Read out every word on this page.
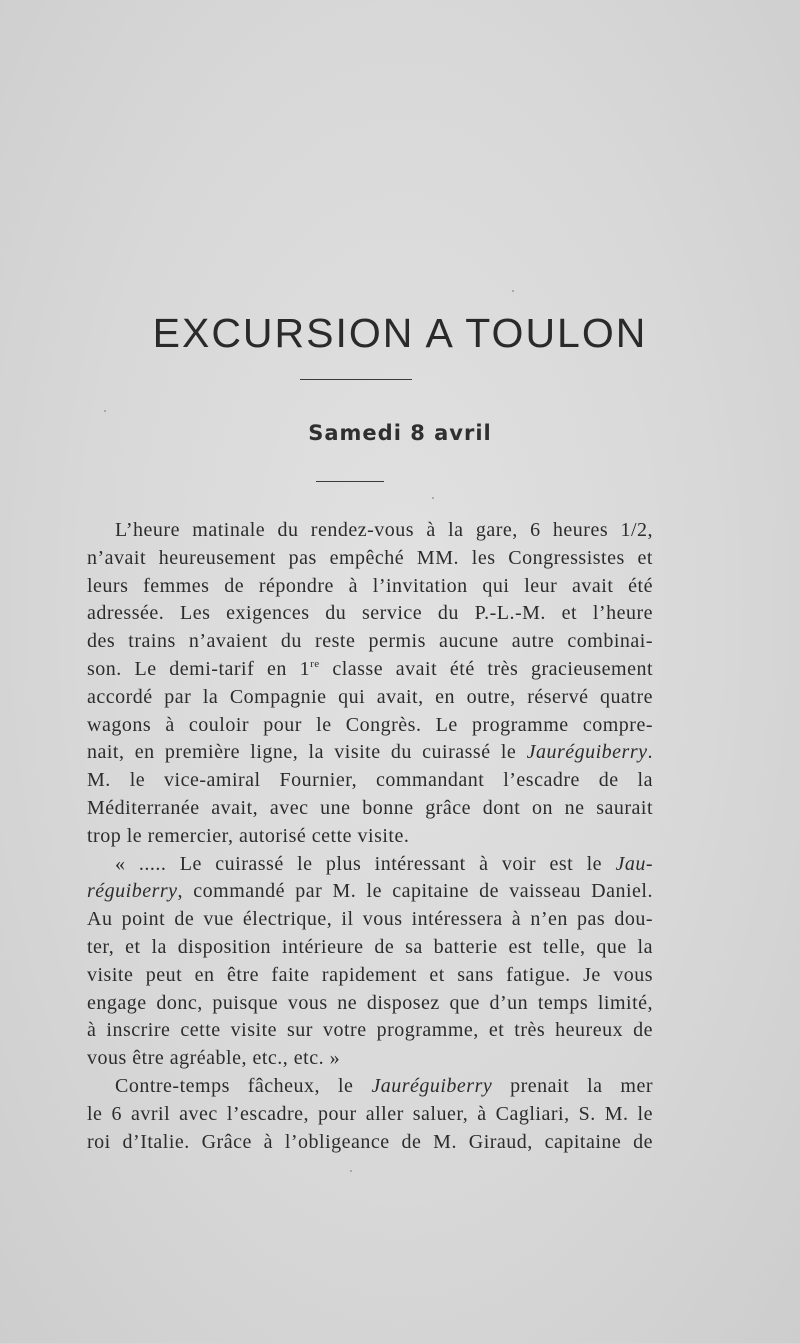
EXCURSION A TOULON
Samedi 8 avril
L’heure matinale du rendez-vous à la gare, 6 heures 1/2,
n’avait heureusement pas empêché MM. les Congressistes et
leurs femmes de répondre à l’invitation qui leur avait été
adressée. Les exigences du service du P.-L.-M. et l’heure
des trains n’avaient du reste permis aucune autre combinai-
son. Le demi-tarif en 1re classe avait été très gracieusement
accordé par la Compagnie qui avait, en outre, réservé quatre
wagons à couloir pour le Congrès. Le programme compre-
nait, en première ligne, la visite du cuirassé le Jauréguiberry.
M. le vice-amiral Fournier, commandant l’escadre de la
Méditerranée avait, avec une bonne grâce dont on ne saurait
trop le remercier, autorisé cette visite.
« ..... Le cuirassé le plus intéressant à voir est le Jau-
réguiberry, commandé par M. le capitaine de vaisseau Daniel.
Au point de vue électrique, il vous intéressera à n’en pas dou-
ter, et la disposition intérieure de sa batterie est telle, que la
visite peut en être faite rapidement et sans fatigue. Je vous
engage donc, puisque vous ne disposez que d’un temps limité,
à inscrire cette visite sur votre programme, et très heureux de
vous être agréable, etc., etc. »
Contre-temps fâcheux, le Jauréguiberry prenait la mer
le 6 avril avec l’escadre, pour aller saluer, à Cagliari, S. M. le
roi d’Italie. Grâce à l’obligeance de M. Giraud, capitaine de
